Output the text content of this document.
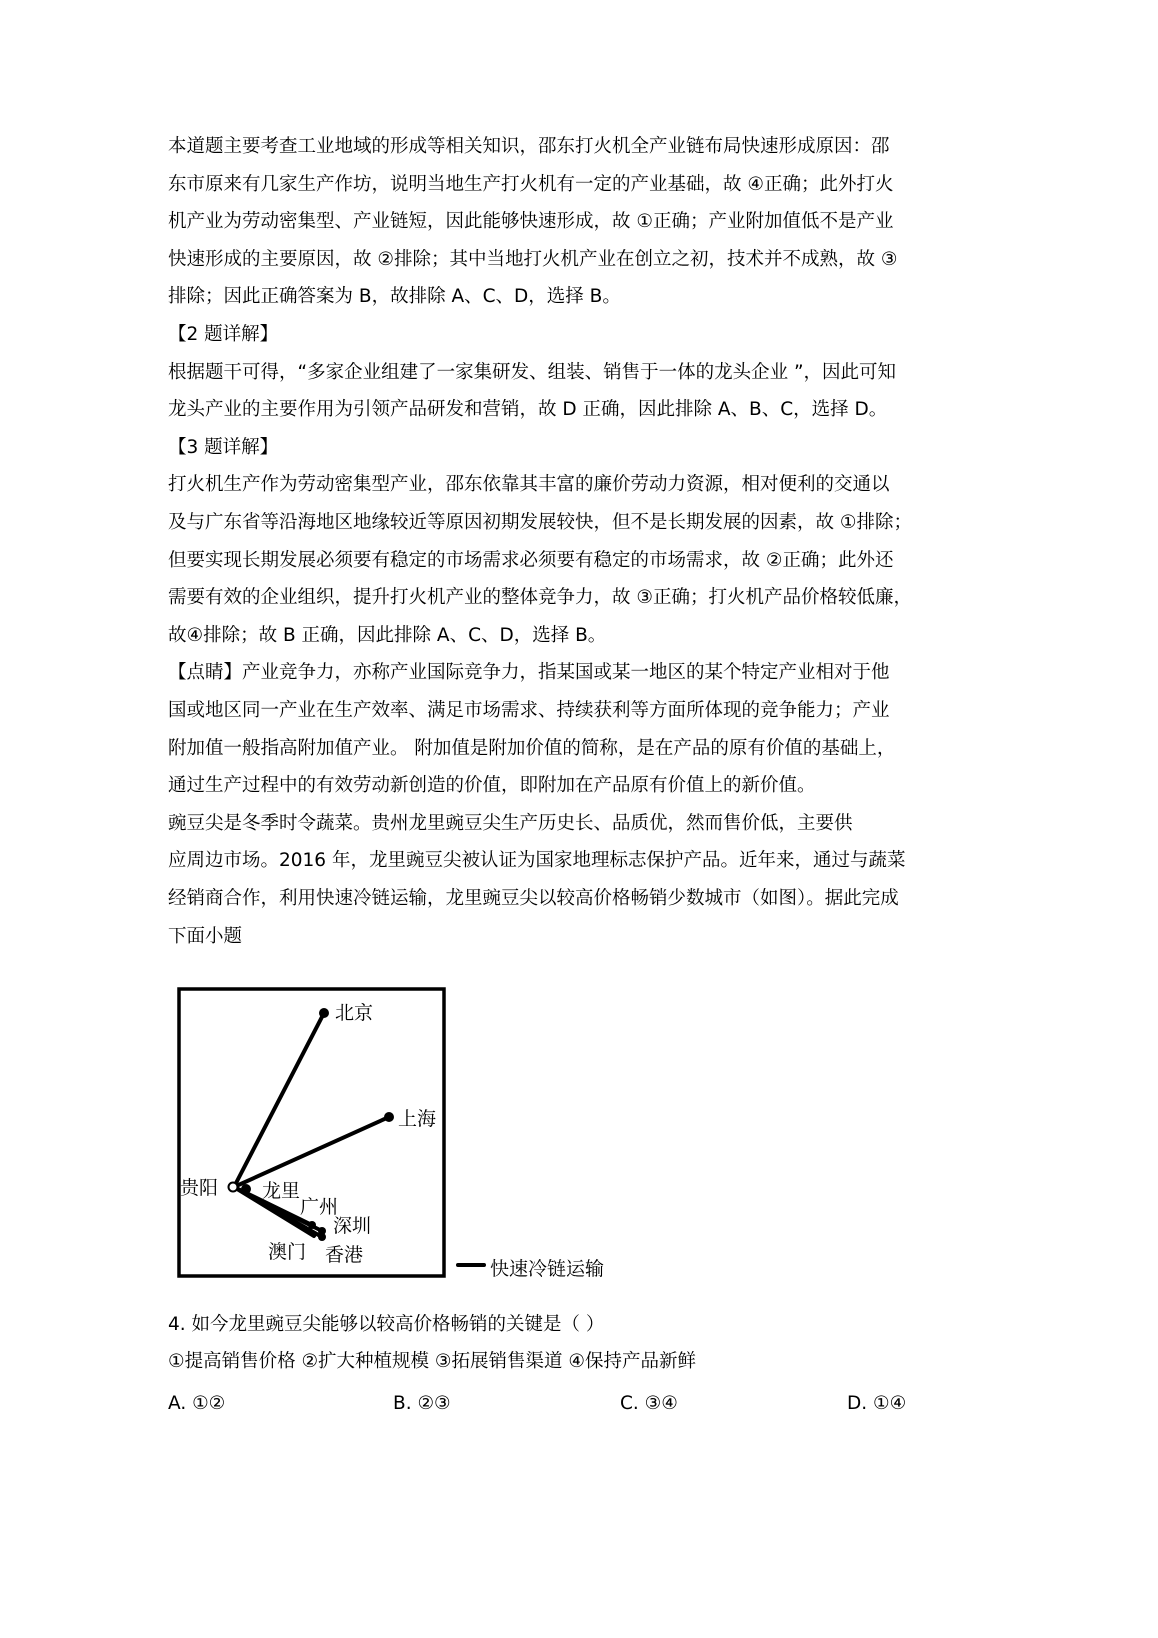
本道题主要考查工业地域的形成等相关知识，邵东打火机全产业链布局快速形成原因：邵
东市原来有几家生产作坊，说明当地生产打火机有一定的产业基础，故 ④正确；此外打火
机产业为劳动密集型、产业链短，因此能够快速形成，故 ①正确；产业附加值低不是产业
快速形成的主要原因，故 ②排除；其中当地打火机产业在创立之初，技术并不成熟，故 ③
排除；因此正确答案为 B，故排除 A、C、D，选择 B。
【2 题详解】
根据题干可得，“多家企业组建了一家集研发、组装、销售于一体的龙头企业 ”，因此可知
龙头产业的主要作用为引领产品研发和营销，故 D 正确，因此排除 A、B、C，选择 D。
【3 题详解】
打火机生产作为劳动密集型产业，邵东依靠其丰富的廉价劳动力资源，相对便利的交通以
及与广东省等沿海地区地缘较近等原因初期发展较快，但不是长期发展的因素，故 ①排除；
但要实现长期发展必须要有稳定的市场需求必须要有稳定的市场需求，故 ②正确；此外还
需要有效的企业组织，提升打火机产业的整体竞争力，故 ③正确；打火机产品价格较低廉，
故④排除；故 B 正确，因此排除 A、C、D，选择 B。
【点睛】产业竞争力，亦称产业国际竞争力，指某国或某一地区的某个特定产业相对于他
国或地区同一产业在生产效率、满足市场需求、持续获利等方面所体现的竞争能力；产业
附加值一般指高附加值产业。 附加值是附加价值的简称，是在产品的原有价值的基础上，
通过生产过程中的有效劳动新创造的价值，即附加在产品原有价值上的新价值。
豌豆尖是冬季时令蔬菜。贵州龙里豌豆尖生产历史长、品质优，然而售价低，主要供
应周边市场。2016 年，龙里豌豆尖被认证为国家地理标志保护产品。近年来，通过与蔬菜
经销商合作，利用快速冷链运输，龙里豌豆尖以较高价格畅销少数城市（如图）。据此完成
下面小题
北京
上海
贵阳 龙里
广州
深圳
澳门 香港
快速冷链运输
4. 如今龙里豌豆尖能够以较高价格畅销的关键是（ ）
①提高销售价格 ②扩大种植规模 ③拓展销售渠道 ④保持产品新鲜
A. ①②	B. ②③	C. ③④	D. ①④
